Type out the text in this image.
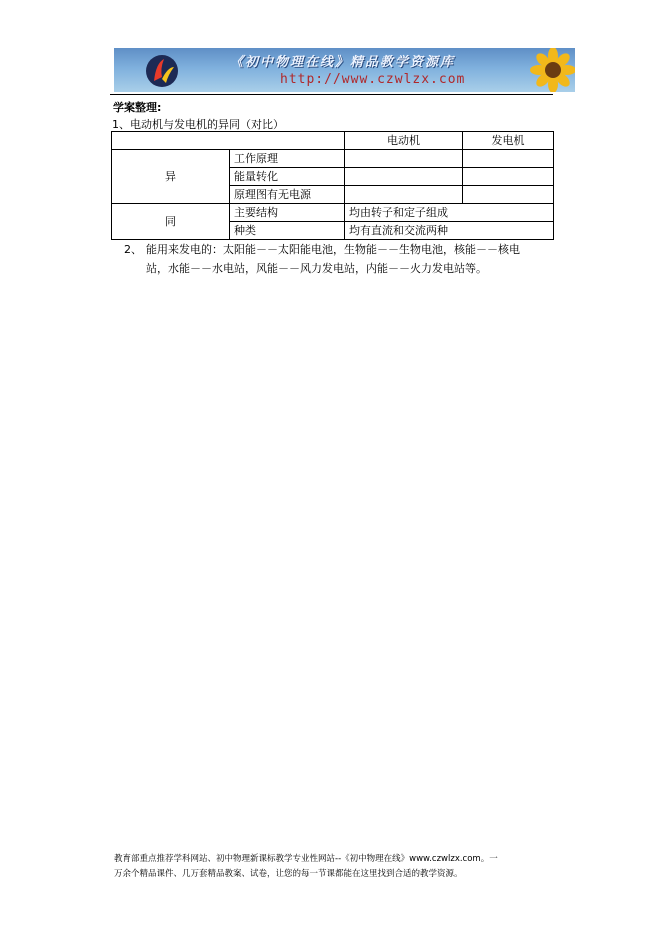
《初中物理在线》精品教学资源库
http://www.czwlzx.com
学案整理:
1、电动机与发电机的异同（对比）
		电动机	发电机
异	工作原理		
	能量转化		
	原理图有无电源		
同	主要结构	均由转子和定子组成	
	种类	均有直流和交流两种	
2、 能用来发电的：太阳能－－太阳能电池，生物能－－生物电池，核能－－核电
站，水能－－水电站，风能－－风力发电站，内能－－火力发电站等。
教育部重点推荐学科网站、初中物理新课标教学专业性网站--《初中物理在线》www.czwlzx.com。一
万余个精品课件、几万套精品教案、试卷，让您的每一节课都能在这里找到合适的教学资源。
